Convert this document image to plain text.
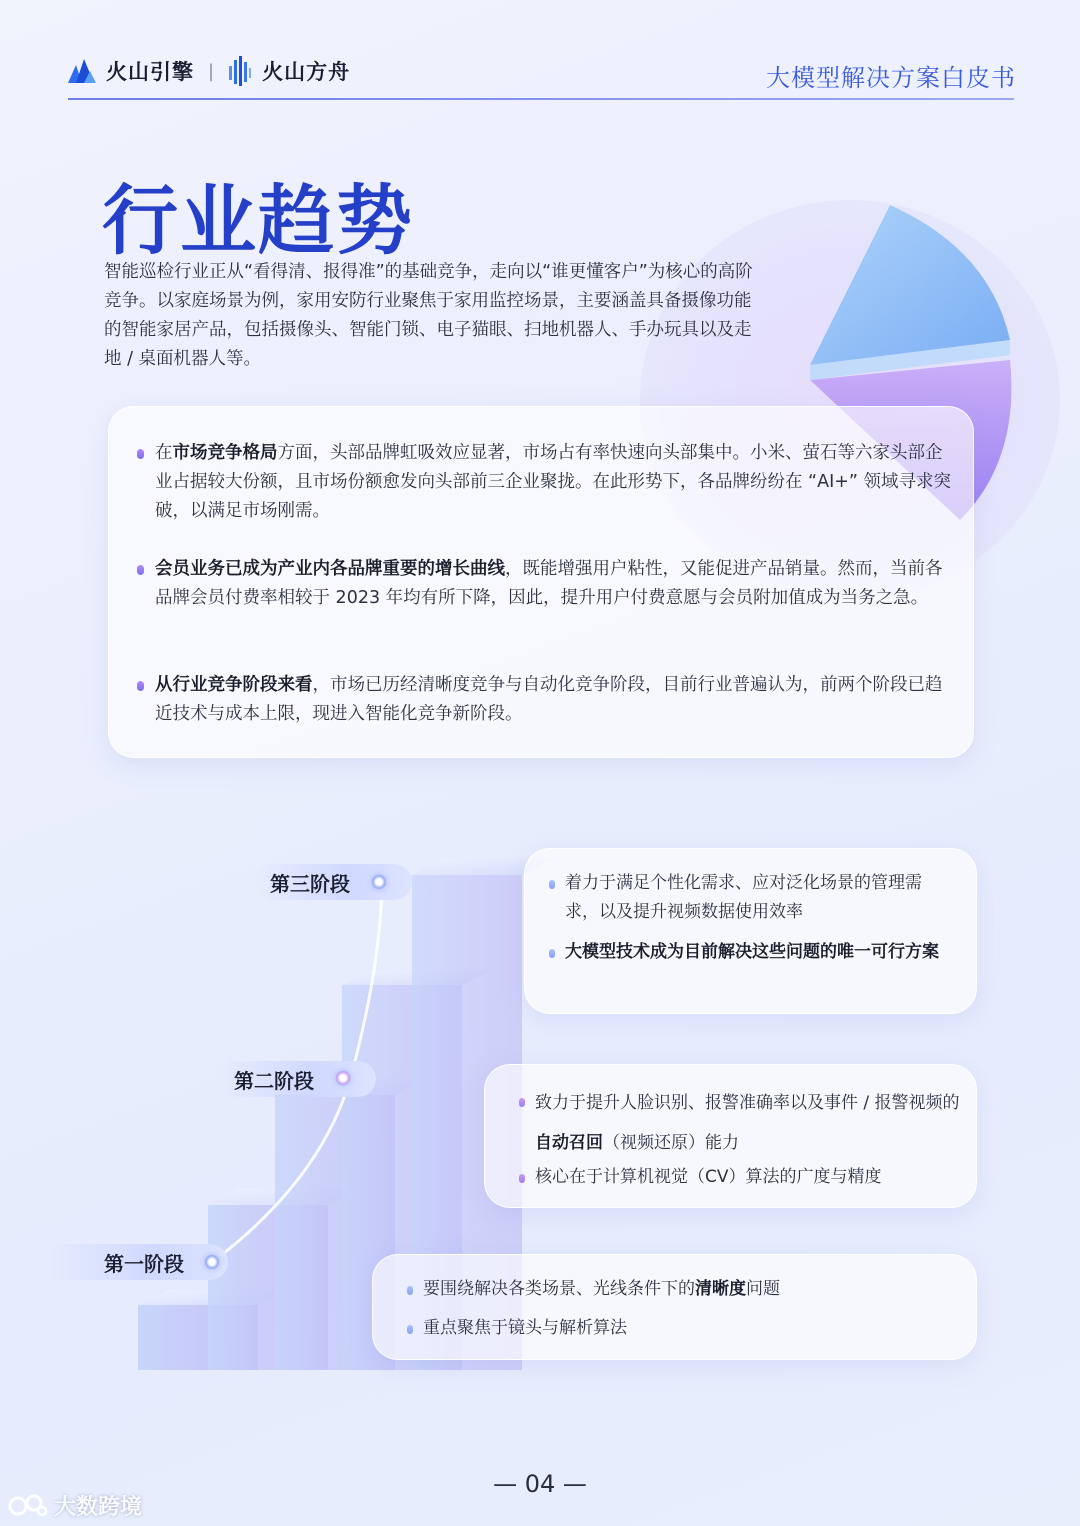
火山引擎 | 火山方舟	大模型解决方案白皮书
行业趋势
智能巡检行业正从“看得清、报得准”的基础竞争，走向以“谁更懂客户”为核心的高阶竞争。以家庭场景为例，家用安防行业聚焦于家用监控场景，主要涵盖具备摄像功能的智能家居产品，包括摄像头、智能门锁、电子猫眼、扫地机器人、手办玩具以及走地 / 桌面机器人等。
在市场竞争格局方面，头部品牌虹吸效应显著，市场占有率快速向头部集中。小米、萤石等六家头部企业占据较大份额，且市场份额愈发向头部前三企业聚拢。在此形势下，各品牌纷纷在 “AI+” 领域寻求突破，以满足市场刚需。
会员业务已成为产业内各品牌重要的增长曲线，既能增强用户粘性，又能促进产品销量。然而，当前各品牌会员付费率相较于 2023 年均有所下降，因此，提升用户付费意愿与会员附加值成为当务之急。
从行业竞争阶段来看，市场已历经清晰度竞争与自动化竞争阶段，目前行业普遍认为，前两个阶段已趋近技术与成本上限，现进入智能化竞争新阶段。
第三阶段
第二阶段
第一阶段
着力于满足个性化需求、应对泛化场景的管理需求，以及提升视频数据使用效率
大模型技术成为目前解决这些问题的唯一可行方案
致力于提升人脸识别、报警准确率以及事件 / 报警视频的自动召回（视频还原）能力
核心在于计算机视觉（CV）算法的广度与精度
要围绕解决各类场景、光线条件下的清晰度问题
重点聚焦于镜头与解析算法
— 04 —
大数跨境
